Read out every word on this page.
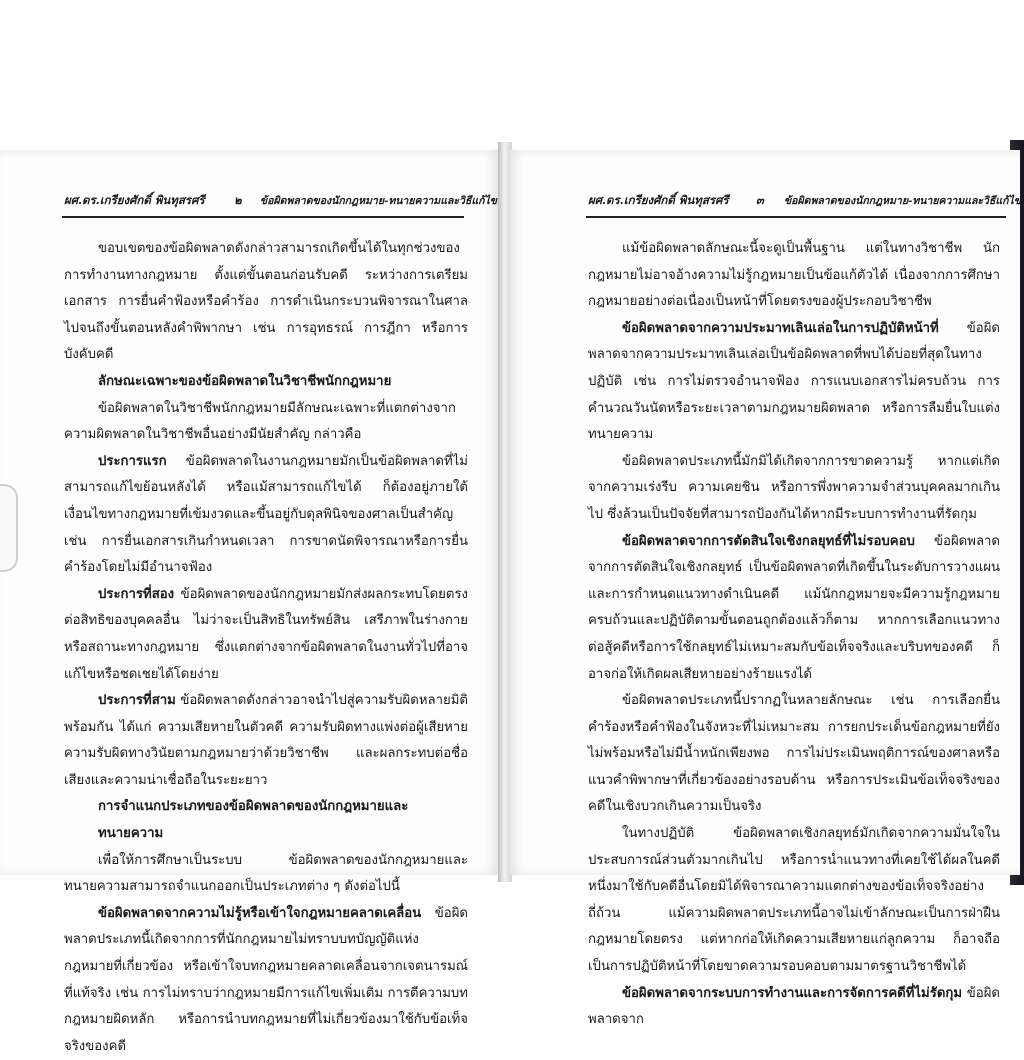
ผศ.ดร.เกรียงศักดิ์ พินทุสรศรี	๒ ข้อผิดพลาดของนักกฎหมาย-ทนายความและวิธีแก้ไข

ขอบเขตของข้อผิดพลาดดังกล่าวสามารถเกิดขึ้นได้ในทุกช่วงของการทำงานทางกฎหมาย ตั้งแต่ขั้นตอนก่อนรับคดี ระหว่างการเตรียมเอกสาร การยื่นคำฟ้องหรือคำร้อง การดำเนินกระบวนพิจารณาในศาล ไปจนถึงขั้นตอนหลังคำพิพากษา เช่น การอุทธรณ์ การฎีกา หรือการบังคับคดี

ลักษณะเฉพาะของข้อผิดพลาดในวิชาชีพนักกฎหมาย

ข้อผิดพลาดในวิชาชีพนักกฎหมายมีลักษณะเฉพาะที่แตกต่างจากความผิดพลาดในวิชาชีพอื่นอย่างมีนัยสำคัญ กล่าวคือ

ประการแรก ข้อผิดพลาดในงานกฎหมายมักเป็นข้อผิดพลาดที่ไม่สามารถแก้ไขย้อนหลังได้ หรือแม้สามารถแก้ไขได้ ก็ต้องอยู่ภายใต้เงื่อนไขทางกฎหมายที่เข้มงวดและขึ้นอยู่กับดุลพินิจของศาลเป็นสำคัญ เช่น การยื่นเอกสารเกินกำหนดเวลา การขาดนัดพิจารณาหรือการยื่นคำร้องโดยไม่มีอำนาจฟ้อง

ประการที่สอง ข้อผิดพลาดของนักกฎหมายมักส่งผลกระทบโดยตรงต่อสิทธิของบุคคลอื่น ไม่ว่าจะเป็นสิทธิในทรัพย์สิน เสรีภาพในร่างกาย หรือสถานะทางกฎหมาย ซึ่งแตกต่างจากข้อผิดพลาดในงานทั่วไปที่อาจแก้ไขหรือชดเชยได้โดยง่าย

ประการที่สาม ข้อผิดพลาดดังกล่าวอาจนำไปสู่ความรับผิดหลายมิติพร้อมกัน ได้แก่ ความเสียหายในตัวคดี ความรับผิดทางแพ่งต่อผู้เสียหาย ความรับผิดทางวินัยตามกฎหมายว่าด้วยวิชาชีพ และผลกระทบต่อชื่อเสียงและความน่าเชื่อถือในระยะยาว

การจำแนกประเภทของข้อผิดพลาดของนักกฎหมายและทนายความ

เพื่อให้การศึกษาเป็นระบบ ข้อผิดพลาดของนักกฎหมายและทนายความสามารถจำแนกออกเป็นประเภทต่าง ๆ ดังต่อไปนี้

ข้อผิดพลาดจากความไม่รู้หรือเข้าใจกฎหมายคลาดเคลื่อน ข้อผิดพลาดประเภทนี้เกิดจากการที่นักกฎหมายไม่ทราบบทบัญญัติแห่งกฎหมายที่เกี่ยวข้อง หรือเข้าใจบทกฎหมายคลาดเคลื่อนจากเจตนารมณ์ที่แท้จริง เช่น การไม่ทราบว่ากฎหมายมีการแก้ไขเพิ่มเติม การตีความบทกฎหมายผิดหลัก หรือการนำบทกฎหมายที่ไม่เกี่ยวข้องมาใช้กับข้อเท็จจริงของคดี

ผศ.ดร.เกรียงศักดิ์ พินทุสรศรี ๓ ข้อผิดพลาดของนักกฎหมาย-ทนายความและวิธีแก้ไข

แม้ข้อผิดพลาดลักษณะนี้จะดูเป็นพื้นฐาน แต่ในทางวิชาชีพ นักกฎหมายไม่อาจอ้างความไม่รู้กฎหมายเป็นข้อแก้ตัวได้ เนื่องจากการศึกษากฎหมายอย่างต่อเนื่องเป็นหน้าที่โดยตรงของผู้ประกอบวิชาชีพ

ข้อผิดพลาดจากความประมาทเลินเล่อในการปฏิบัติหน้าที่ ข้อผิดพลาดจากความประมาทเลินเล่อเป็นข้อผิดพลาดที่พบได้บ่อยที่สุดในทางปฏิบัติ เช่น การไม่ตรวจอำนาจฟ้อง การแนบเอกสารไม่ครบถ้วน การคำนวณวันนัดหรือระยะเวลาตามกฎหมายผิดพลาด หรือการลืมยื่นใบแต่งทนายความ

ข้อผิดพลาดประเภทนี้มักมิได้เกิดจากการขาดความรู้ หากแต่เกิดจากความเร่งรีบ ความเคยชิน หรือการพึ่งพาความจำส่วนบุคคลมากเกินไป ซึ่งล้วนเป็นปัจจัยที่สามารถป้องกันได้หากมีระบบการทำงานที่รัดกุม

ข้อผิดพลาดจากการตัดสินใจเชิงกลยุทธ์ที่ไม่รอบคอบ ข้อผิดพลาดจากการตัดสินใจเชิงกลยุทธ์ เป็นข้อผิดพลาดที่เกิดขึ้นในระดับการวางแผนและการกำหนดแนวทางดำเนินคดี แม้นักกฎหมายจะมีความรู้กฎหมายครบถ้วนและปฏิบัติตามขั้นตอนถูกต้องแล้วก็ตาม หากการเลือกแนวทางต่อสู้คดีหรือการใช้กลยุทธ์ไม่เหมาะสมกับข้อเท็จจริงและบริบทของคดี ก็อาจก่อให้เกิดผลเสียหายอย่างร้ายแรงได้

ข้อผิดพลาดประเภทนี้ปรากฏในหลายลักษณะ เช่น การเลือกยื่นคำร้องหรือคำฟ้องในจังหวะที่ไม่เหมาะสม การยกประเด็นข้อกฎหมายที่ยังไม่พร้อมหรือไม่มีน้ำหนักเพียงพอ การไม่ประเมินพฤติการณ์ของศาลหรือแนวคำพิพากษาที่เกี่ยวข้องอย่างรอบด้าน หรือการประเมินข้อเท็จจริงของคดีในเชิงบวกเกินความเป็นจริง

ในทางปฏิบัติ ข้อผิดพลาดเชิงกลยุทธ์มักเกิดจากความมั่นใจในประสบการณ์ส่วนตัวมากเกินไป หรือการนำแนวทางที่เคยใช้ได้ผลในคดีหนึ่งมาใช้กับคดีอื่นโดยมิได้พิจารณาความแตกต่างของข้อเท็จจริงอย่างถี่ถ้วน แม้ความผิดพลาดประเภทนี้อาจไม่เข้าลักษณะเป็นการฝ่าฝืนกฎหมายโดยตรง แต่หากก่อให้เกิดความเสียหายแก่ลูกความ ก็อาจถือเป็นการปฏิบัติหน้าที่โดยขาดความรอบคอบตามมาตรฐานวิชาชีพได้

ข้อผิดพลาดจากระบบการทำงานและการจัดการคดีที่ไม่รัดกุม ข้อผิดพลาดจาก
